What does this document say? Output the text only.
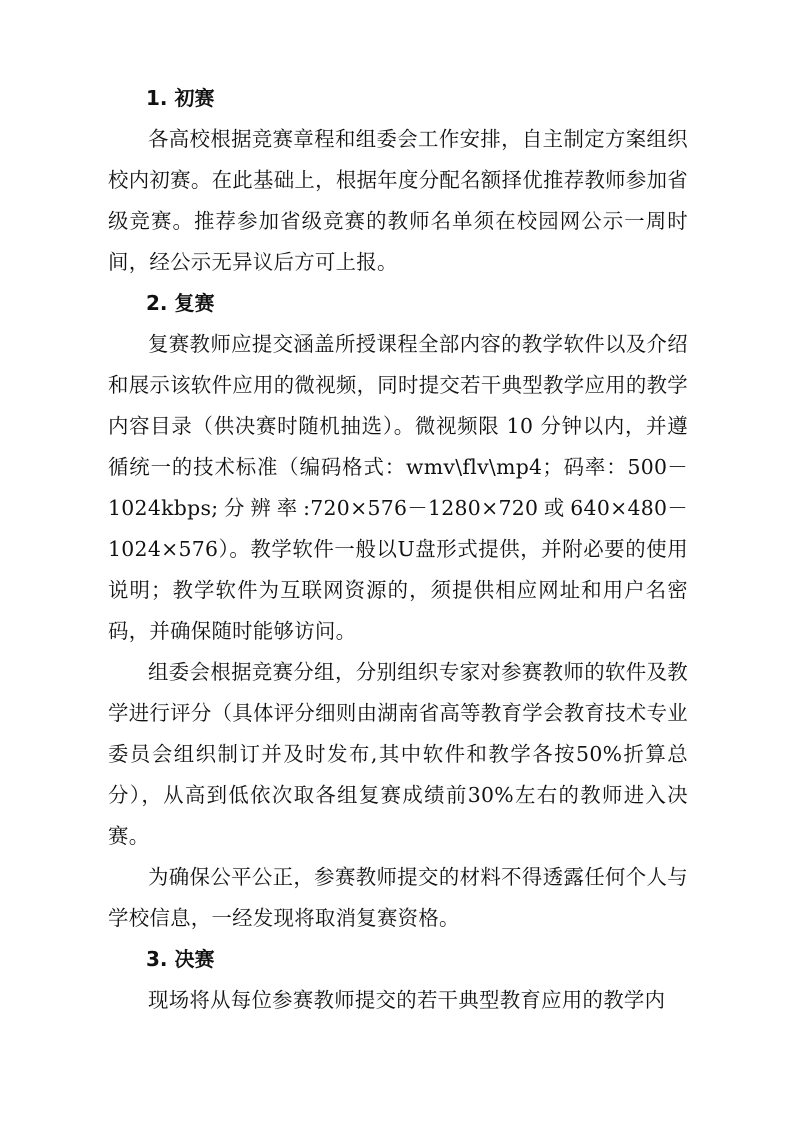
1. 初赛

各高校根据竞赛章程和组委会工作安排，自主制定方案组织校内初赛。在此基础上，根据年度分配名额择优推荐教师参加省级竞赛。推荐参加省级竞赛的教师名单须在校园网公示一周时间，经公示无异议后方可上报。

2. 复赛

复赛教师应提交涵盖所授课程全部内容的教学软件以及介绍和展示该软件应用的微视频，同时提交若干典型教学应用的教学内容目录（供决赛时随机抽选）。微视频限 10 分钟以内，并遵循统一的技术标准（编码格式：wmv\flv\mp4；码率：500－1024kbps;分辨率:720×576－1280×720或640×480－1024×576）。教学软件一般以U盘形式提供，并附必要的使用说明；教学软件为互联网资源的，须提供相应网址和用户名密码，并确保随时能够访问。

组委会根据竞赛分组，分别组织专家对参赛教师的软件及教学进行评分（具体评分细则由湖南省高等教育学会教育技术专业委员会组织制订并及时发布,其中软件和教学各按50%折算总分），从高到低依次取各组复赛成绩前30%左右的教师进入决赛。

为确保公平公正，参赛教师提交的材料不得透露任何个人与学校信息，一经发现将取消复赛资格。

3. 决赛

现场将从每位参赛教师提交的若干典型教育应用的教学内
